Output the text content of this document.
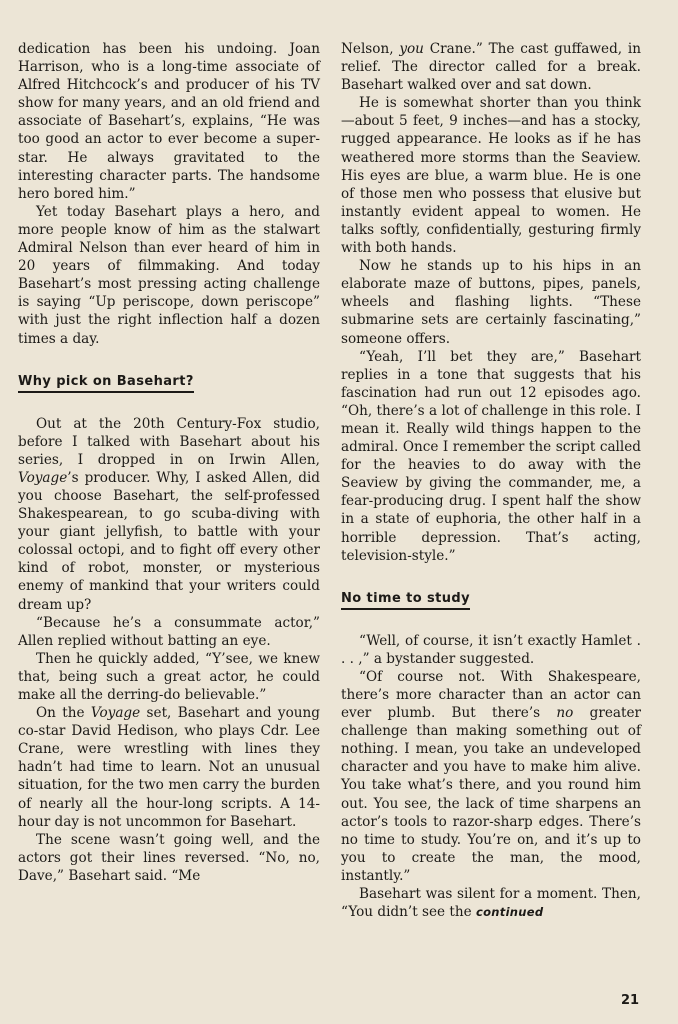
dedication has been his undoing. Joan Harrison, who is a long-time associate of Alfred Hitchcock’s and producer of his TV show for many years, and an old friend and associate of Basehart’s, explains, “He was too good an actor to ever become a super-star. He always gravitated to the interesting character parts. The handsome hero bored him.”

Yet today Basehart plays a hero, and more people know of him as the stalwart Admiral Nelson than ever heard of him in 20 years of filmmaking. And today Basehart’s most pressing acting challenge is saying “Up periscope, down periscope” with just the right inflection half a dozen times a day.

Why pick on Basehart?

Out at the 20th Century-Fox studio, before I talked with Basehart about his series, I dropped in on Irwin Allen, Voyage’s producer. Why, I asked Allen, did you choose Basehart, the self-professed Shakespearean, to go scuba-diving with your giant jellyfish, to battle with your colossal octopi, and to fight off every other kind of robot, monster, or mysterious enemy of mankind that your writers could dream up?

“Because he’s a consummate actor,” Allen replied without batting an eye.

Then he quickly added, “Y’see, we knew that, being such a great actor, he could make all the derring-do believable.”

On the Voyage set, Basehart and young co-star David Hedison, who plays Cdr. Lee Crane, were wrestling with lines they hadn’t had time to learn. Not an unusual situation, for the two men carry the burden of nearly all the hour-long scripts. A 14-hour day is not uncommon for Basehart.

The scene wasn’t going well, and the actors got their lines reversed. “No, no, Dave,” Basehart said. “Me

Nelson, you Crane.” The cast guffawed, in relief. The director called for a break. Basehart walked over and sat down.

He is somewhat shorter than you think—about 5 feet, 9 inches—and has a stocky, rugged appearance. He looks as if he has weathered more storms than the Seaview. His eyes are blue, a warm blue. He is one of those men who possess that elusive but instantly evident appeal to women. He talks softly, confidentially, gesturing firmly with both hands.

Now he stands up to his hips in an elaborate maze of buttons, pipes, panels, wheels and flashing lights. “These submarine sets are certainly fascinating,” someone offers.

“Yeah, I’ll bet they are,” Basehart replies in a tone that suggests that his fascination had run out 12 episodes ago. “Oh, there’s a lot of challenge in this role. I mean it. Really wild things happen to the admiral. Once I remember the script called for the heavies to do away with the Seaview by giving the commander, me, a fear-producing drug. I spent half the show in a state of euphoria, the other half in a horrible depression. That’s acting, television-style.”

No time to study

“Well, of course, it isn’t exactly Hamlet . . . ,” a bystander suggested.

“Of course not. With Shakespeare, there’s more character than an actor can ever plumb. But there’s no greater challenge than making something out of nothing. I mean, you take an undeveloped character and you have to make him alive. You take what’s there, and you round him out. You see, the lack of time sharpens an actor’s tools to razor-sharp edges. There’s no time to study. You’re on, and it’s up to you to create the man, the mood, instantly.”

Basehart was silent for a moment. Then, “You didn’t see the continued

21
